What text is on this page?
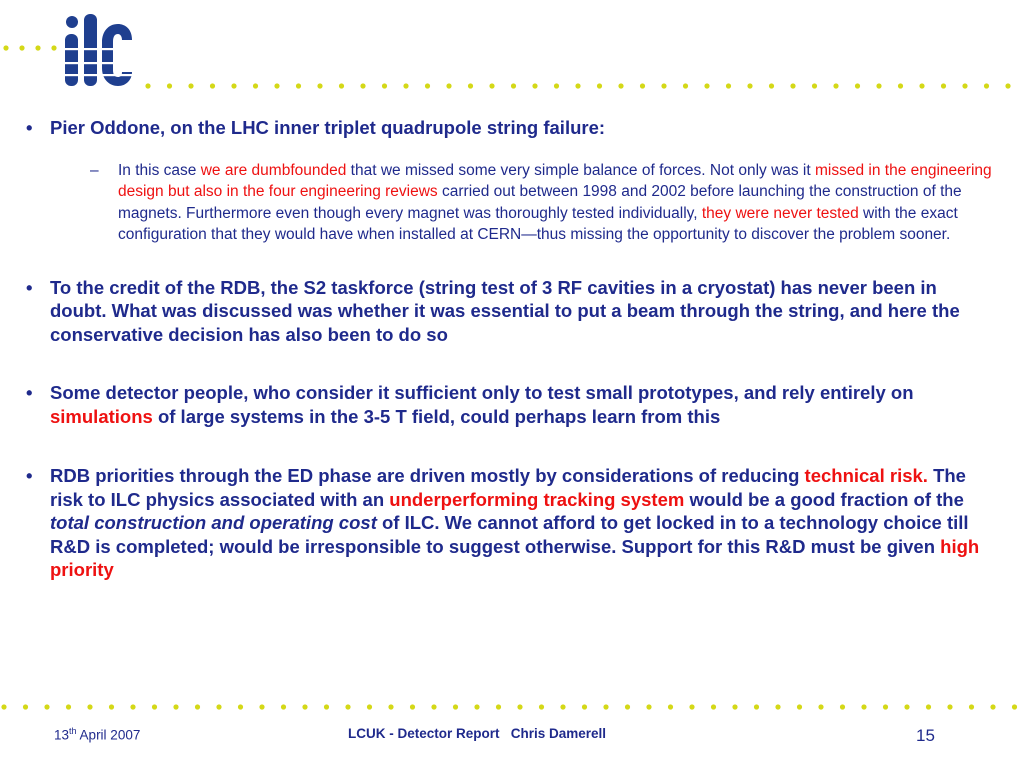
• Pier Oddone, on the LHC inner triplet quadrupole string failure:
– In this case we are dumbfounded that we missed some very simple balance of forces. Not only was it missed in the engineering design but also in the four engineering reviews carried out between 1998 and 2002 before launching the construction of the magnets. Furthermore even though every magnet was thoroughly tested individually, they were never tested with the exact configuration that they would have when installed at CERN—thus missing the opportunity to discover the problem sooner.
• To the credit of the RDB, the S2 taskforce (string test of 3 RF cavities in a cryostat) has never been in doubt. What was discussed was whether it was essential to put a beam through the string, and here the conservative decision has also been to do so
• Some detector people, who consider it sufficient only to test small prototypes, and rely entirely on simulations of large systems in the 3-5 T field, could perhaps learn from this
• RDB priorities through the ED phase are driven mostly by considerations of reducing technical risk. The risk to ILC physics associated with an underperforming tracking system would be a good fraction of the total construction and operating cost of ILC. We cannot afford to get locked in to a technology choice till R&D is completed; would be irresponsible to suggest otherwise. Support for this R&D must be given high priority
13th April 2007	LCUK - Detector Report   Chris Damerell	15
